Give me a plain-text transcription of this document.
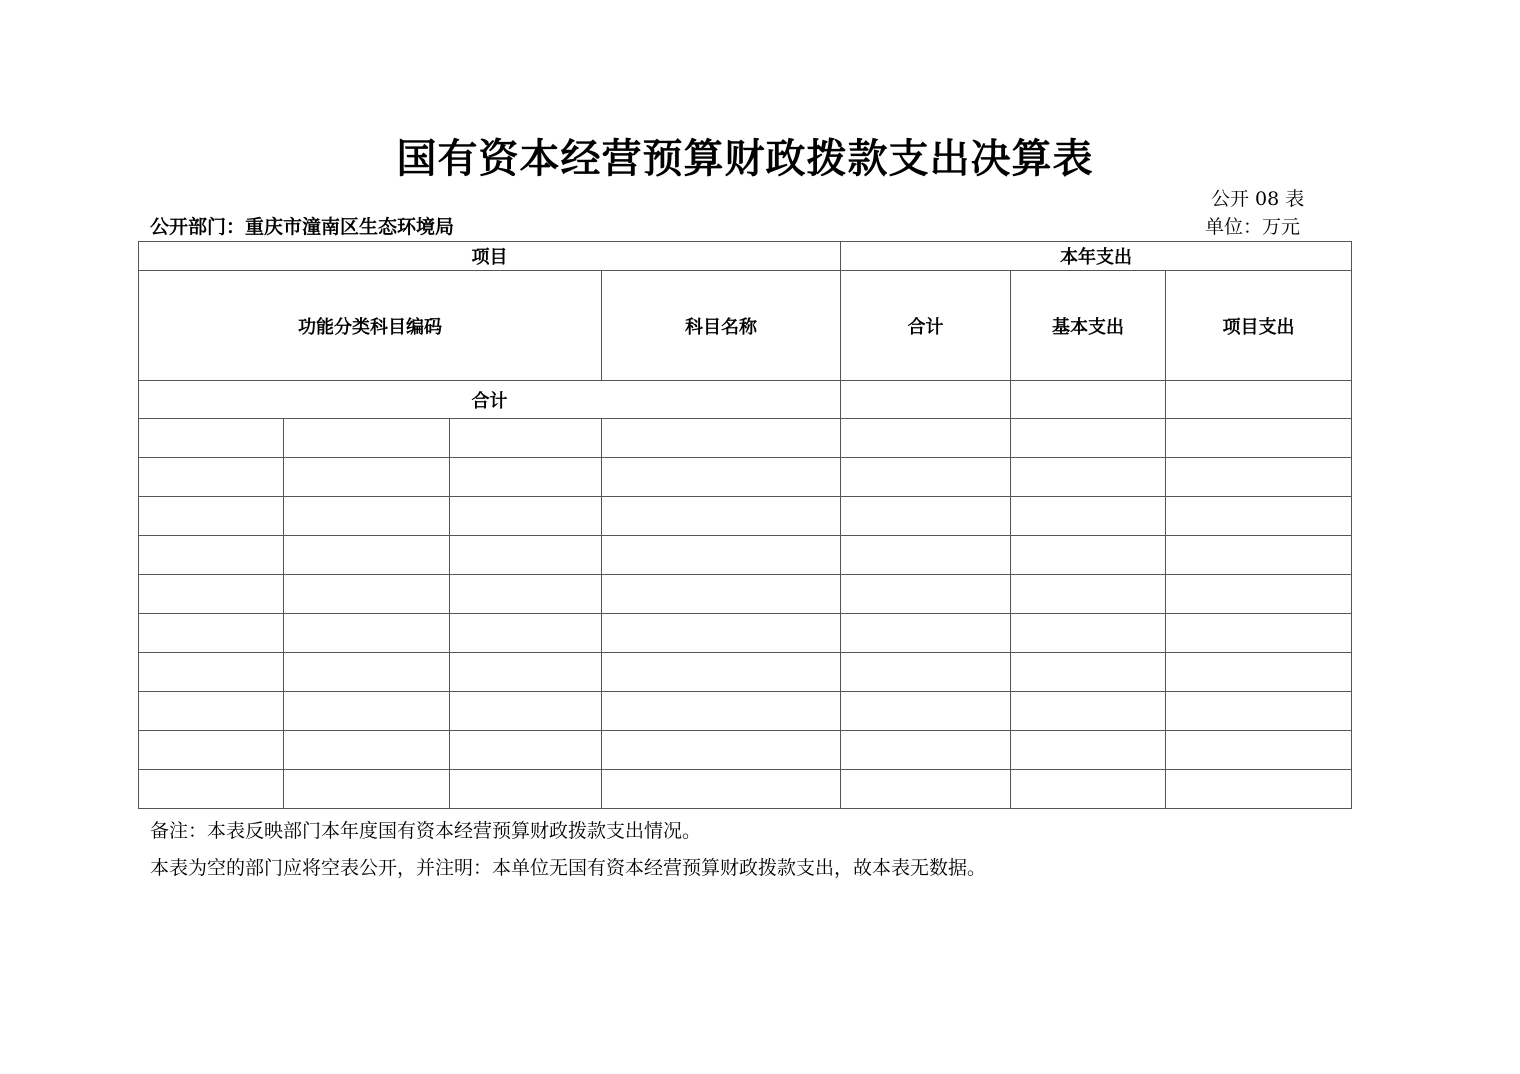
国有资本经营预算财政拨款支出决算表
公开 08 表
公开部门：重庆市潼南区生态环境局	单位：万元
项目				本年支出		
功能分类科目编码			科目名称	合计	基本支出	项目支出
合计						

备注：本表反映部门本年度国有资本经营预算财政拨款支出情况。
本表为空的部门应将空表公开，并注明：本单位无国有资本经营预算财政拨款支出，故本表无数据。
